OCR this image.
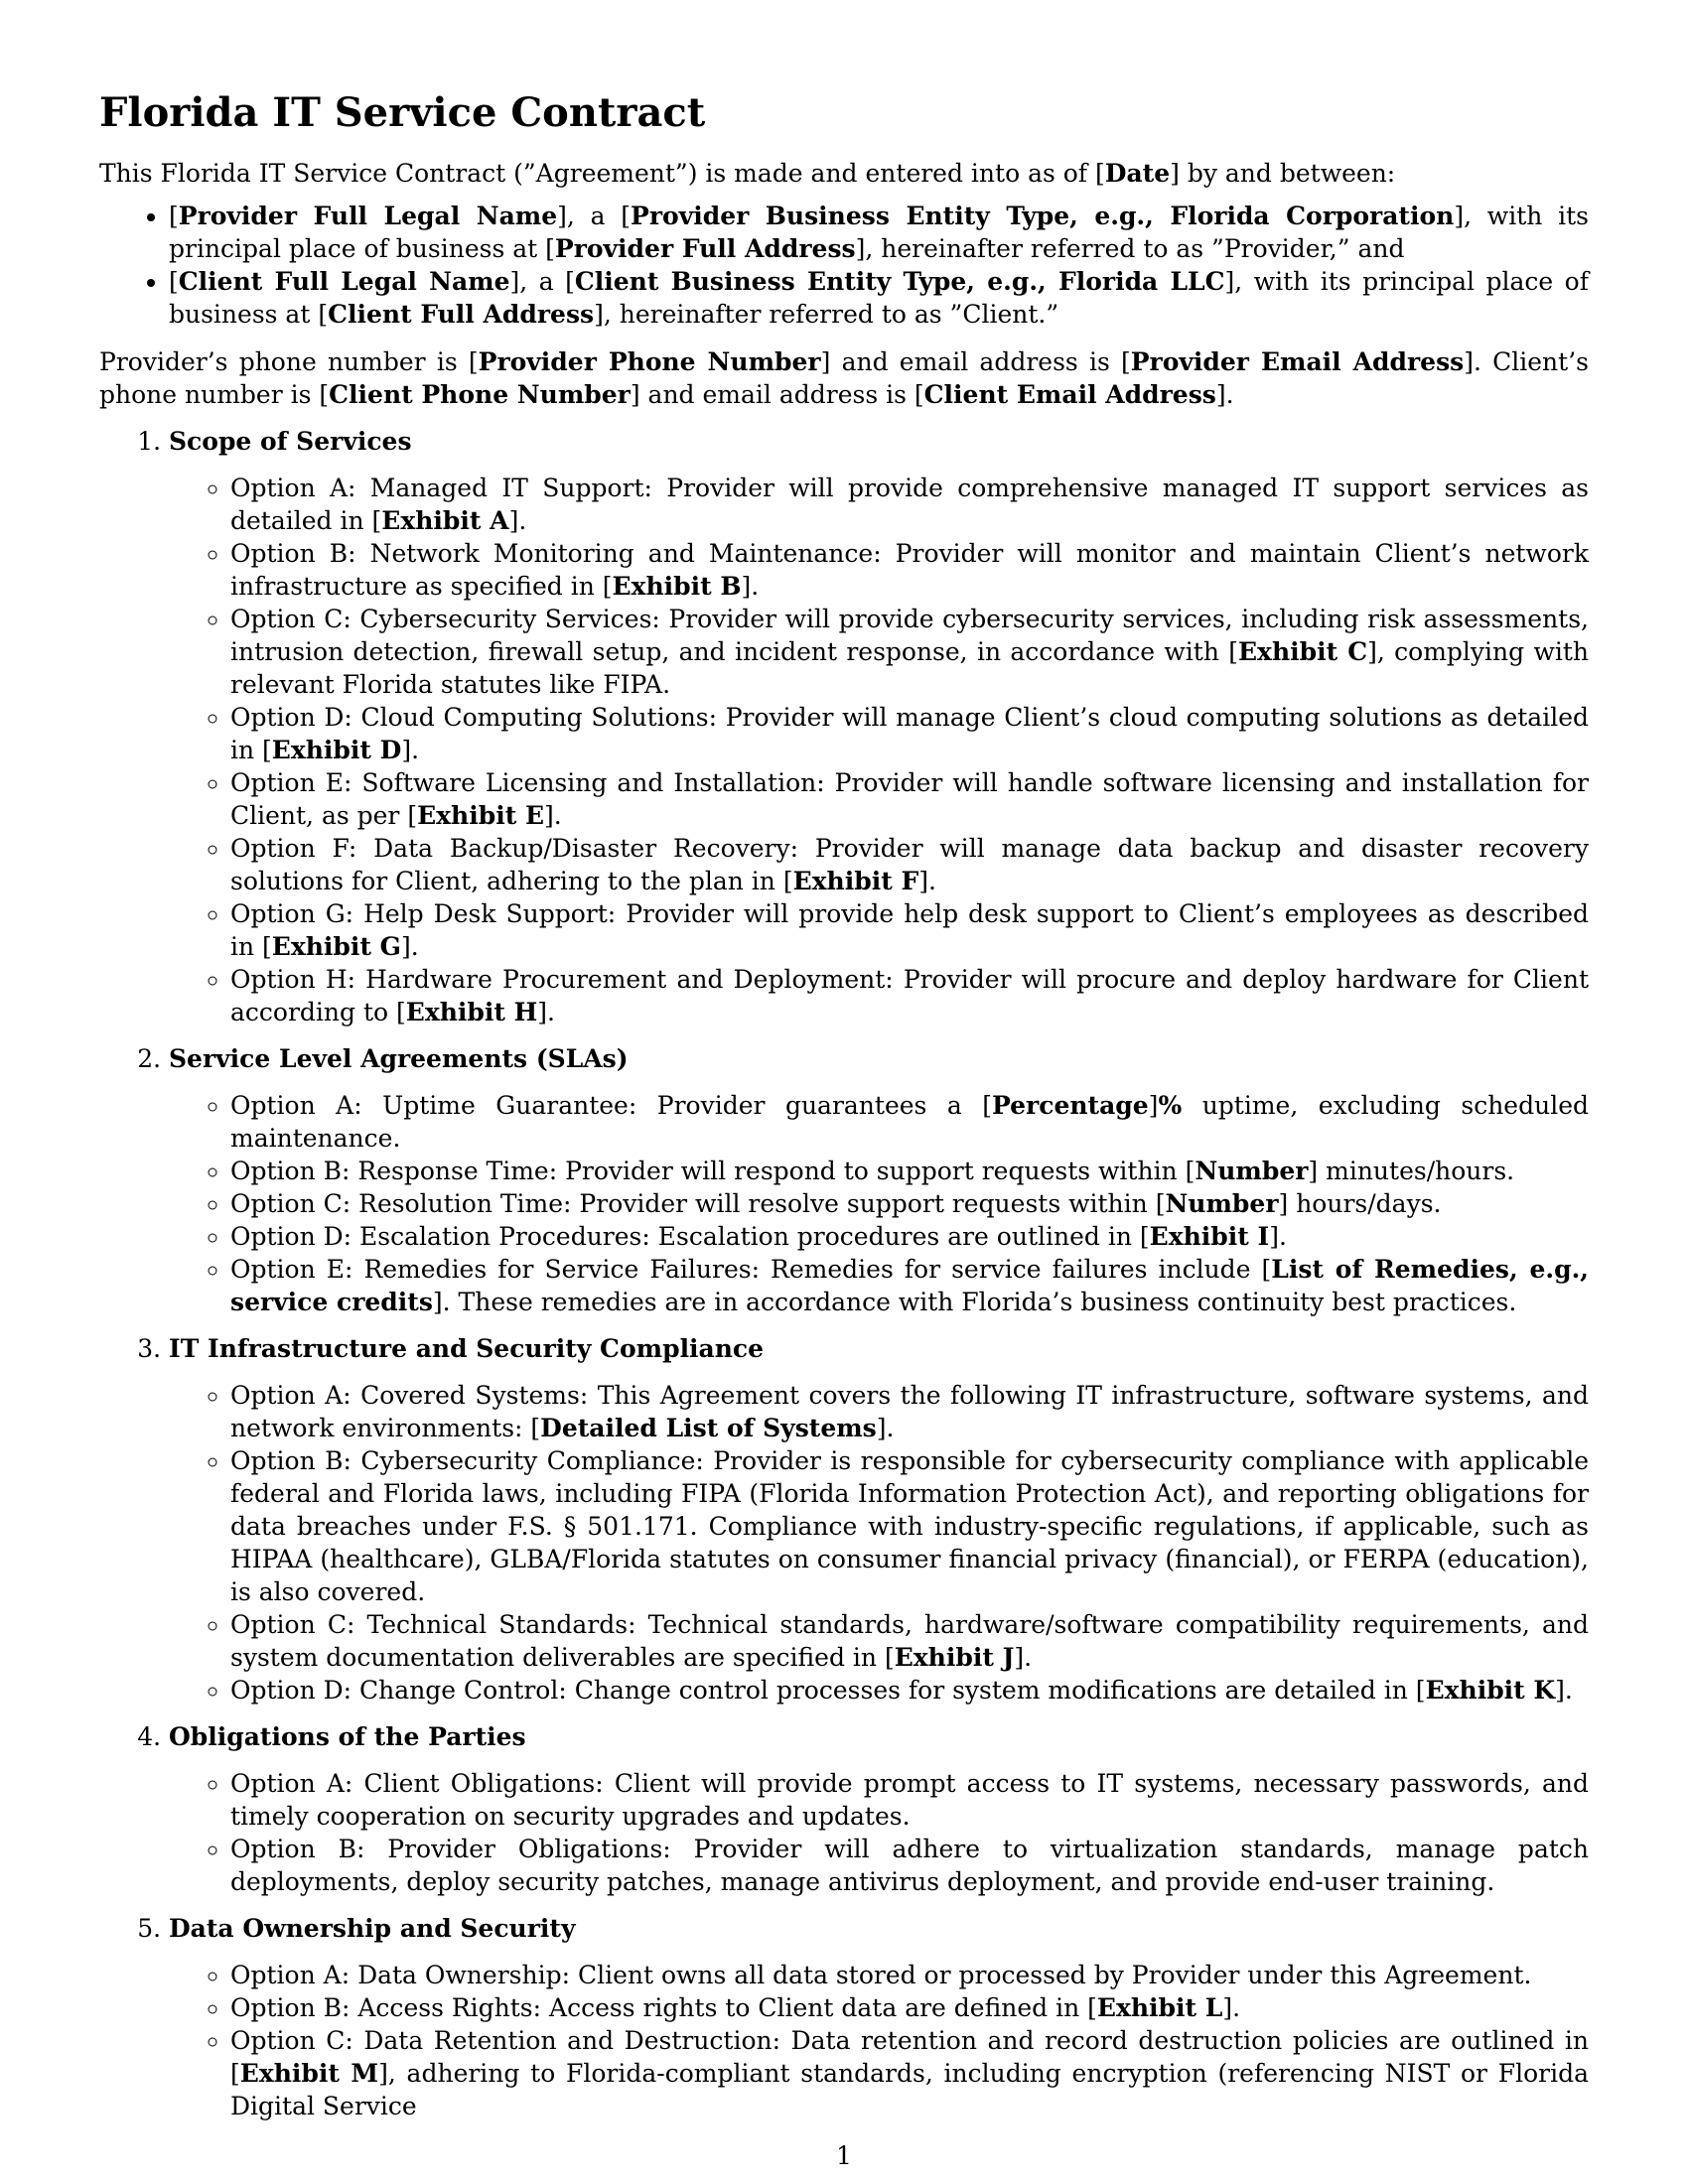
Florida IT Service Contract

This Florida IT Service Contract (”Agreement”) is made and entered into as of [Date] by and between:

• [Provider Full Legal Name], a [Provider Business Entity Type, e.g., Florida Corporation], with its principal place of business at [Provider Full Address], hereinafter referred to as ”Provider,” and
• [Client Full Legal Name], a [Client Business Entity Type, e.g., Florida LLC], with its principal place of business at [Client Full Address], hereinafter referred to as ”Client.”

Provider’s phone number is [Provider Phone Number] and email address is [Provider Email Address]. Client’s phone number is [Client Phone Number] and email address is [Client Email Address].

1. Scope of Services
◦ Option A: Managed IT Support: Provider will provide comprehensive managed IT support services as detailed in [Exhibit A].
◦ Option B: Network Monitoring and Maintenance: Provider will monitor and maintain Client’s network infrastructure as specified in [Exhibit B].
◦ Option C: Cybersecurity Services: Provider will provide cybersecurity services, including risk assessments, intrusion detection, firewall setup, and incident response, in accordance with [Exhibit C], complying with relevant Florida statutes like FIPA.
◦ Option D: Cloud Computing Solutions: Provider will manage Client’s cloud computing solutions as detailed in [Exhibit D].
◦ Option E: Software Licensing and Installation: Provider will handle software licensing and installation for Client, as per [Exhibit E].
◦ Option F: Data Backup/Disaster Recovery: Provider will manage data backup and disaster recovery solutions for Client, adhering to the plan in [Exhibit F].
◦ Option G: Help Desk Support: Provider will provide help desk support to Client’s employees as described in [Exhibit G].
◦ Option H: Hardware Procurement and Deployment: Provider will procure and deploy hardware for Client according to [Exhibit H].
2. Service Level Agreements (SLAs)
◦ Option A: Uptime Guarantee: Provider guarantees a [Percentage]% uptime, excluding scheduled maintenance.
◦ Option B: Response Time: Provider will respond to support requests within [Number] minutes/hours.
◦ Option C: Resolution Time: Provider will resolve support requests within [Number] hours/days.
◦ Option D: Escalation Procedures: Escalation procedures are outlined in [Exhibit I].
◦ Option E: Remedies for Service Failures: Remedies for service failures include [List of Remedies, e.g., service credits]. These remedies are in accordance with Florida’s business continuity best practices.
3. IT Infrastructure and Security Compliance
◦ Option A: Covered Systems: This Agreement covers the following IT infrastructure, software systems, and network environments: [Detailed List of Systems].
◦ Option B: Cybersecurity Compliance: Provider is responsible for cybersecurity compliance with applicable federal and Florida laws, including FIPA (Florida Information Protection Act), and reporting obligations for data breaches under F.S. § 501.171. Compliance with industry-specific regulations, if applicable, such as HIPAA (healthcare), GLBA/Florida statutes on consumer financial privacy (financial), or FERPA (education), is also covered.
◦ Option C: Technical Standards: Technical standards, hardware/software compatibility requirements, and system documentation deliverables are specified in [Exhibit J].
◦ Option D: Change Control: Change control processes for system modifications are detailed in [Exhibit K].
4. Obligations of the Parties
◦ Option A: Client Obligations: Client will provide prompt access to IT systems, necessary passwords, and timely cooperation on security upgrades and updates.
◦ Option B: Provider Obligations: Provider will adhere to virtualization standards, manage patch deployments, deploy security patches, manage antivirus deployment, and provide end-user training.
5. Data Ownership and Security
◦ Option A: Data Ownership: Client owns all data stored or processed by Provider under this Agreement.
◦ Option B: Access Rights: Access rights to Client data are defined in [Exhibit L].
◦ Option C: Data Retention and Destruction: Data retention and record destruction policies are outlined in [Exhibit M], adhering to Florida-compliant standards, including encryption (referencing NIST or Florida Digital Service
1
